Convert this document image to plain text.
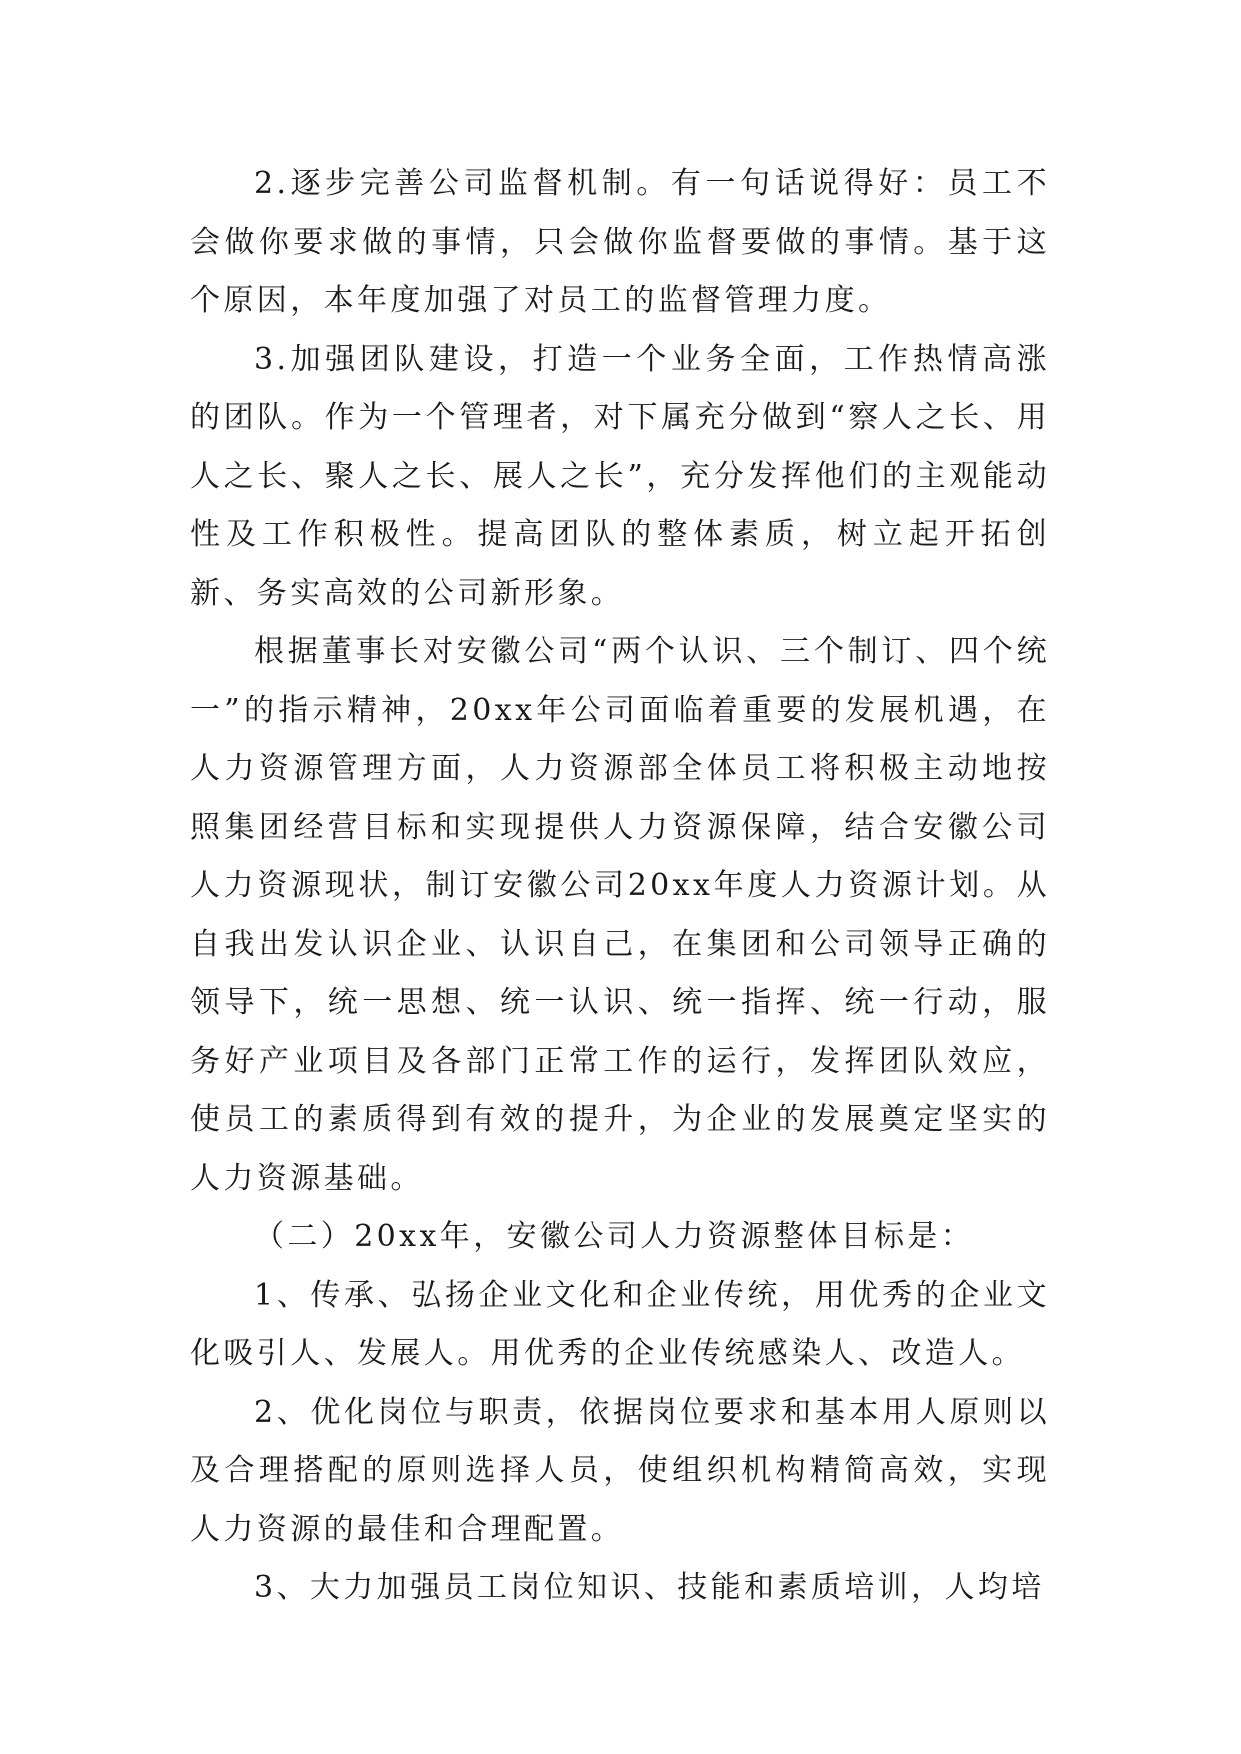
2.逐步完善公司监督机制。有一句话说得好：员工不会做你要求做的事情，只会做你监督要做的事情。基于这个原因，本年度加强了对员工的监督管理力度。

3.加强团队建设，打造一个业务全面，工作热情高涨的团队。作为一个管理者，对下属充分做到“察人之长、用人之长、聚人之长、展人之长”，充分发挥他们的主观能动性及工作积极性。提高团队的整体素质，树立起开拓创新、务实高效的公司新形象。

根据董事长对安徽公司“两个认识、三个制订、四个统一”的指示精神，20xx年公司面临着重要的发展机遇，在人力资源管理方面，人力资源部全体员工将积极主动地按照集团经营目标和实现提供人力资源保障，结合安徽公司人力资源现状，制订安徽公司20xx年度人力资源计划。从自我出发认识企业、认识自己，在集团和公司领导正确的领导下，统一思想、统一认识、统一指挥、统一行动，服务好产业项目及各部门正常工作的运行，发挥团队效应，使员工的素质得到有效的提升，为企业的发展奠定坚实的人力资源基础。

（二）20xx年，安徽公司人力资源整体目标是：

1、传承、弘扬企业文化和企业传统，用优秀的企业文化吸引人、发展人。用优秀的企业传统感染人、改造人。

2、优化岗位与职责，依据岗位要求和基本用人原则以及合理搭配的原则选择人员，使组织机构精简高效，实现人力资源的最佳和合理配置。

3、大力加强员工岗位知识、技能和素质培训，人均培
